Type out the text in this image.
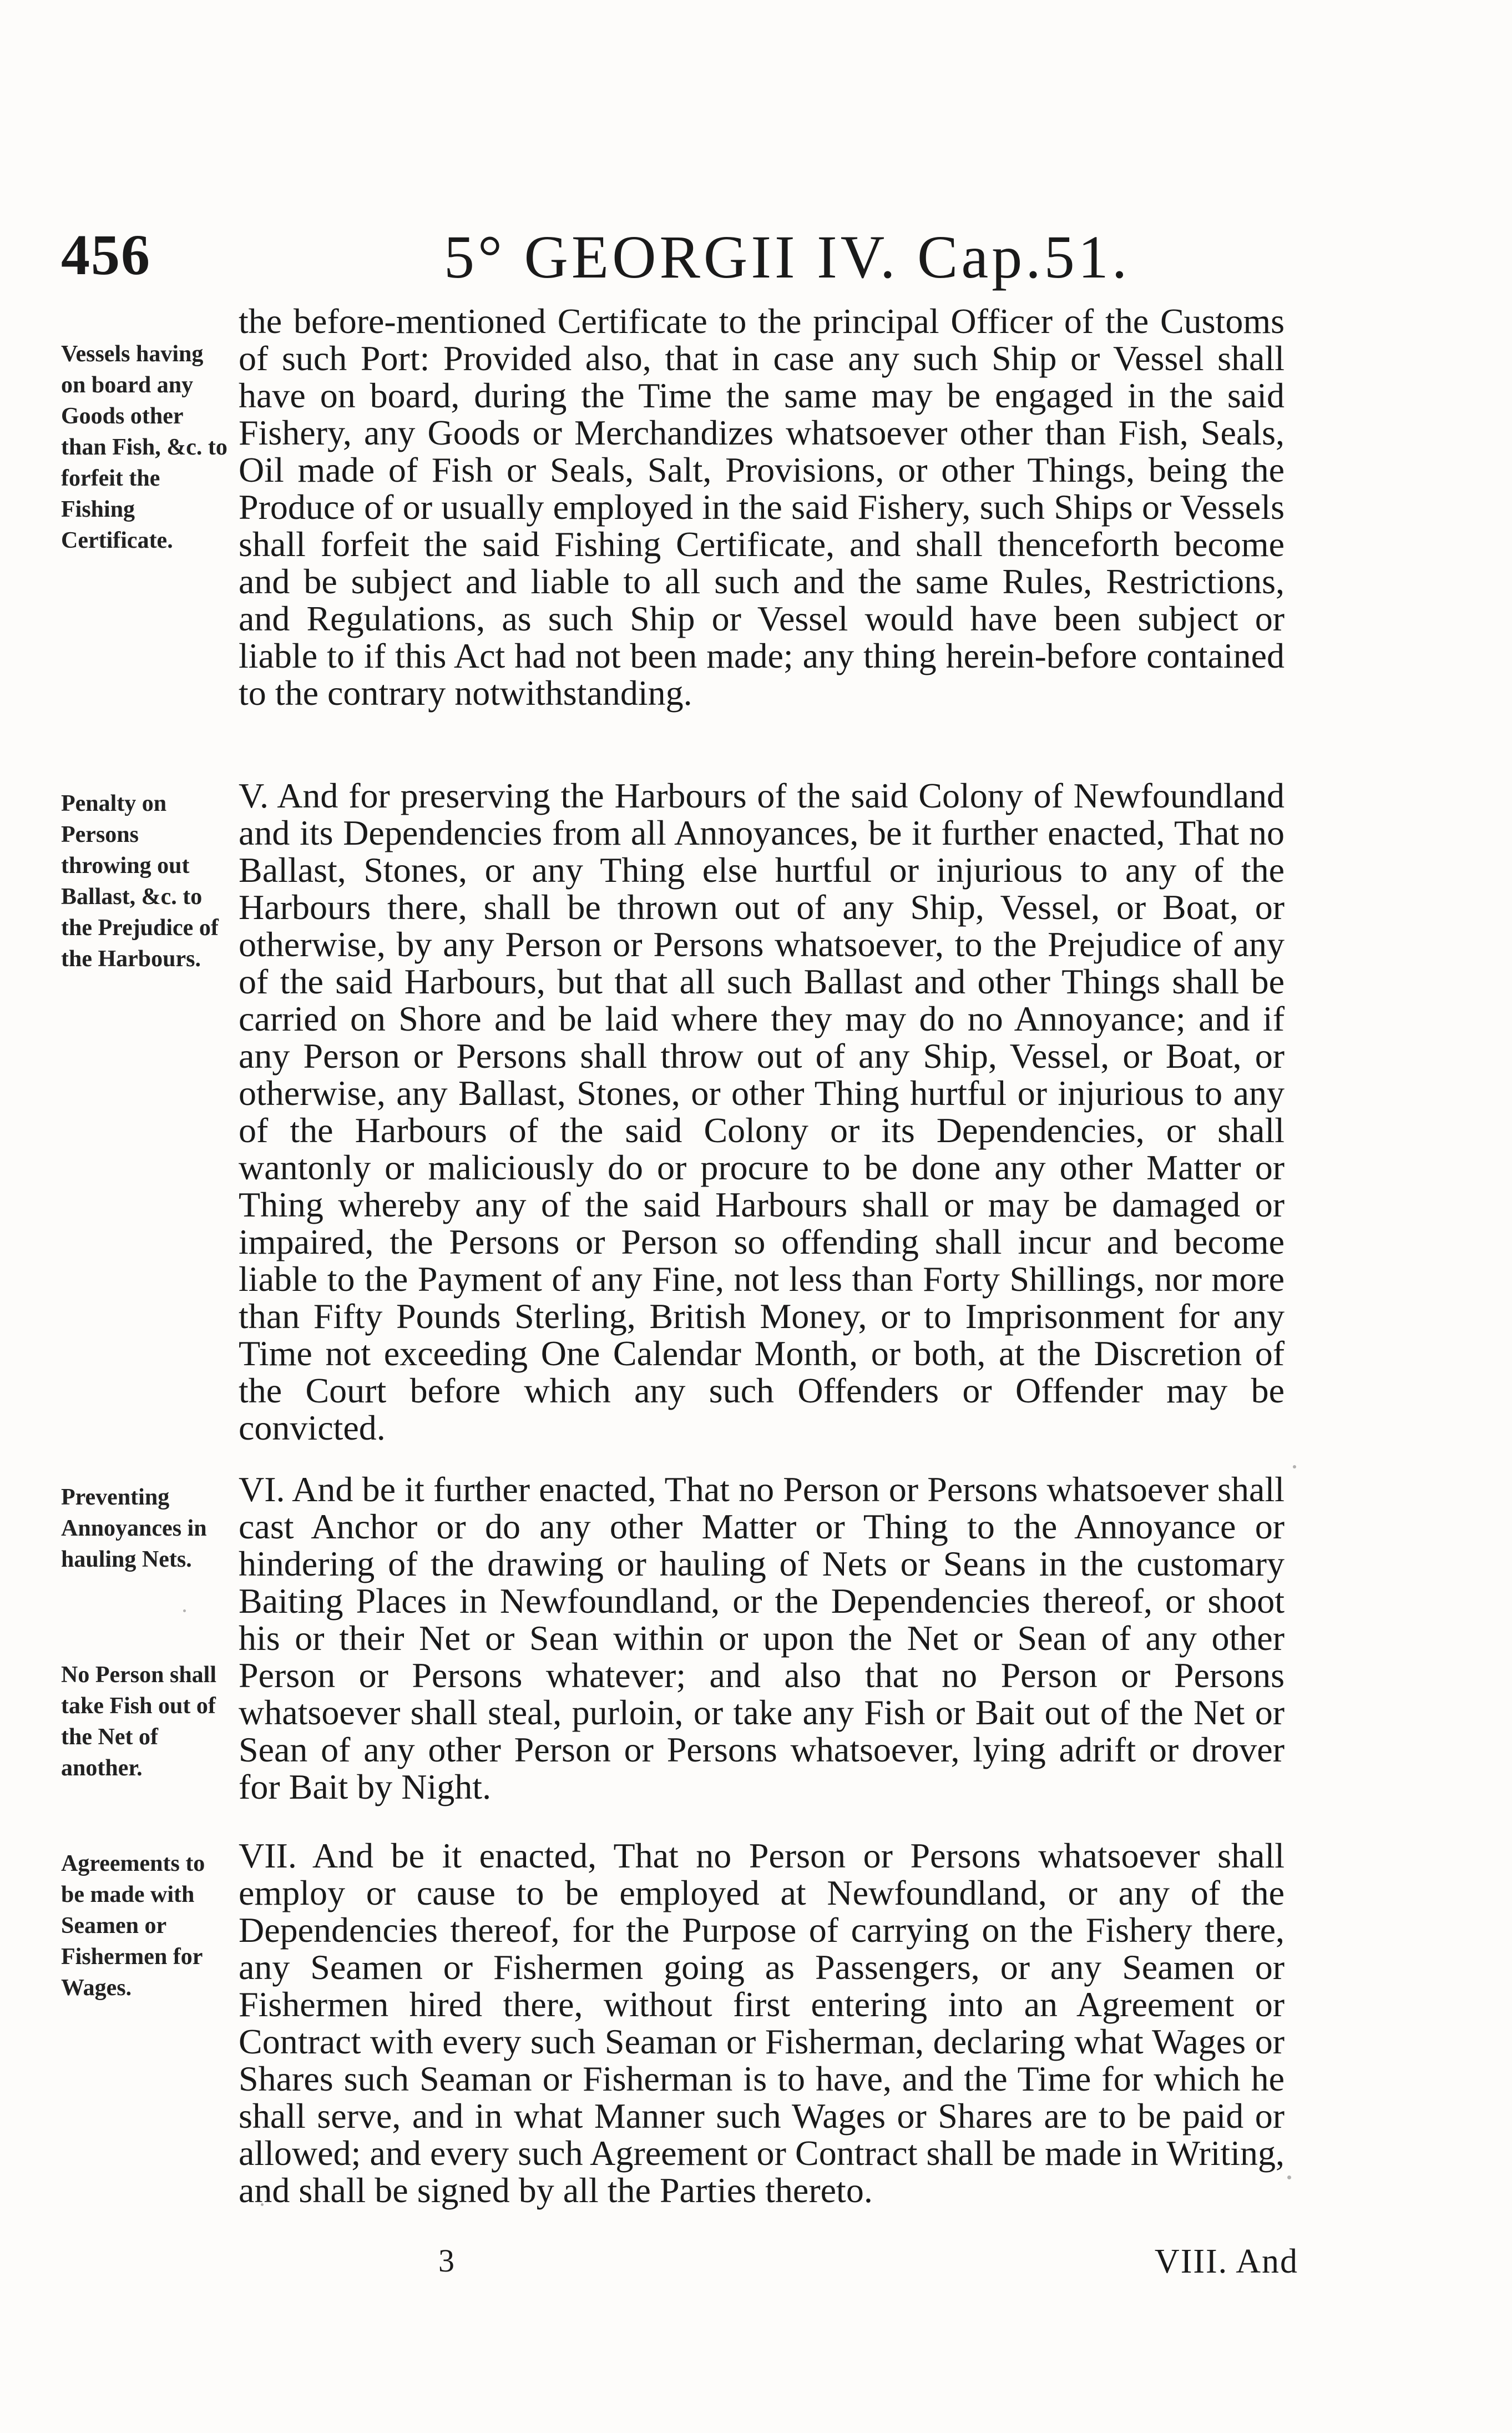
456	5° GEORGII IV. Cap.51.
Vessels having on board any Goods other than Fish, &c. to forfeit the Fishing Certificate.
the before-mentioned Certificate to the principal Officer of the Customs of such Port: Provided also, that in case any such Ship or Vessel shall have on board, during the Time the same may be engaged in the said Fishery, any Goods or Merchandizes whatsoever other than Fish, Seals, Oil made of Fish or Seals, Salt, Provisions, or other Things, being the Produce of or usually employed in the said Fishery, such Ships or Vessels shall forfeit the said Fishing Certificate, and shall thenceforth become and be subject and liable to all such and the same Rules, Restrictions, and Regulations, as such Ship or Vessel would have been subject or liable to if this Act had not been made; any thing herein-before contained to the contrary notwithstanding.
Penalty on Persons throwing out Ballast, &c. to the Prejudice of the Harbours.
V. And for preserving the Harbours of the said Colony of Newfoundland and its Dependencies from all Annoyances, be it further enacted, That no Ballast, Stones, or any Thing else hurtful or injurious to any of the Harbours there, shall be thrown out of any Ship, Vessel, or Boat, or otherwise, by any Person or Persons whatsoever, to the Prejudice of any of the said Harbours, but that all such Ballast and other Things shall be carried on Shore and be laid where they may do no Annoyance; and if any Person or Persons shall throw out of any Ship, Vessel, or Boat, or otherwise, any Ballast, Stones, or other Thing hurtful or injurious to any of the Harbours of the said Colony or its Dependencies, or shall wantonly or maliciously do or procure to be done any other Matter or Thing whereby any of the said Harbours shall or may be damaged or impaired, the Persons or Person so offending shall incur and become liable to the Payment of any Fine, not less than Forty Shillings, nor more than Fifty Pounds Sterling, British Money, or to Imprisonment for any Time not exceeding One Calendar Month, or both, at the Discretion of the Court before which any such Offenders or Offender may be convicted.
Preventing Annoyances in hauling Nets.
No Person shall take Fish out of the Net of another.
VI. And be it further enacted, That no Person or Persons whatsoever shall cast Anchor or do any other Matter or Thing to the Annoyance or hindering of the drawing or hauling of Nets or Seans in the customary Baiting Places in Newfoundland, or the Dependencies thereof, or shoot his or their Net or Sean within or upon the Net or Sean of any other Person or Persons whatever; and also that no Person or Persons whatsoever shall steal, purloin, or take any Fish or Bait out of the Net or Sean of any other Person or Persons whatsoever, lying adrift or drover for Bait by Night.
Agreements to be made with Seamen or Fishermen for Wages.
VII. And be it enacted, That no Person or Persons whatsoever shall employ or cause to be employed at Newfoundland, or any of the Dependencies thereof, for the Purpose of carrying on the Fishery there, any Seamen or Fishermen going as Passengers, or any Seamen or Fishermen hired there, without first entering into an Agreement or Contract with every such Seaman or Fisherman, declaring what Wages or Shares such Seaman or Fisherman is to have, and the Time for which he shall serve, and in what Manner such Wages or Shares are to be paid or allowed; and every such Agreement or Contract shall be made in Writing, and shall be signed by all the Parties thereto.
3	VIII. And
